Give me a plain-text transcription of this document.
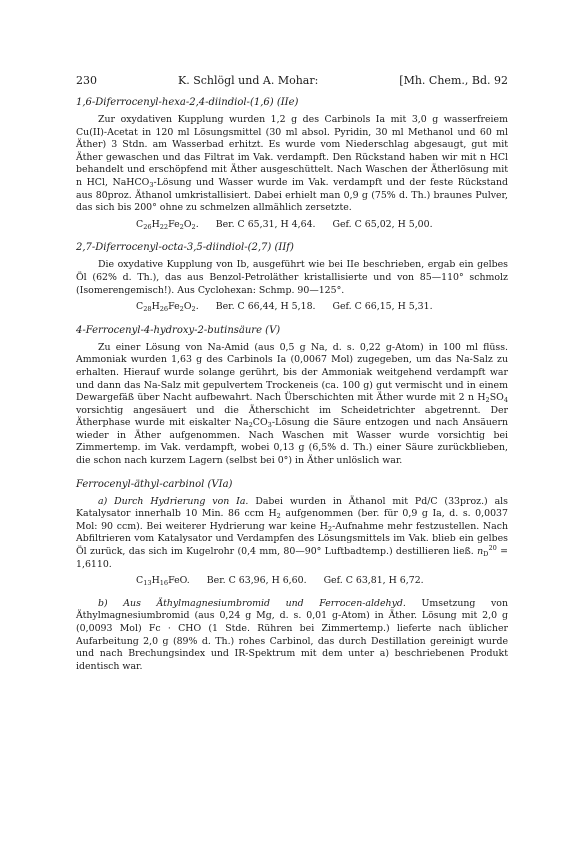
230	K. Schlögl und A. Mohar:	[Mh. Chem., Bd. 92
1,6-Diferrocenyl-hexa-2,4-diindiol-(1,6) (IIe)

Zur oxydativen Kupplung wurden 1,2 g des Carbinols Ia mit 3,0 g wasserfreiem Cu(II)-Acetat in 120 ml Lösungsmittel (30 ml absol. Pyridin, 30 ml Methanol und 60 ml Äther) 3 Stdn. am Wasserbad erhitzt. Es wurde vom Niederschlag abgesaugt, gut mit Äther gewaschen und das Filtrat im Vak. verdampft. Den Rückstand haben wir mit n HCl behandelt und erschöpfend mit Äther ausgeschüttelt. Nach Waschen der Ätherlösung mit n HCl, NaHCO$_3$-Lösung und Wasser wurde im Vak. verdampft und der feste Rückstand aus 80proz. Äthanol umkristallisiert. Dabei erhielt man 0,9 g (75% d. Th.) braunes Pulver, das sich bis 200° ohne zu schmelzen allmählich zersetzte.

$C_{26}H_{22}Fe_2O_2$. Ber. C 65,31, H 4,64. Gef. C 65,02, H 5,00.
2,7-Diferrocenyl-octa-3,5-diindiol-(2,7) (IIf)

Die oxydative Kupplung von Ib, ausgeführt wie bei IIe beschrieben, ergab ein gelbes Öl (62% d. Th.), das aus Benzol-Petroläther kristallisierte und von 85—110° schmolz (Isomerengemisch!). Aus Cyclohexan: Schmp. 90—125°.

$C_{28}H_{26}Fe_2O_2$. Ber. C 66,44, H 5,18. Gef. C 66,15, H 5,31.
4-Ferrocenyl-4-hydroxy-2-butinsäure (V)

Zu einer Lösung von Na-Amid (aus 0,5 g Na, d. s. 0,22 g-Atom) in 100 ml flüss. Ammoniak wurden 1,63 g des Carbinols Ia (0,0067 Mol) zugegeben, um das Na-Salz zu erhalten. Hierauf wurde solange gerührt, bis der Ammoniak weitgehend verdampft war und dann das Na-Salz mit gepulvertem Trockeneis (ca. 100 g) gut vermischt und in einem Dewargefäß über Nacht aufbewahrt. Nach Überschichten mit Äther wurde mit 2 n $H_2SO_4$ vorsichtig angesäuert und die Ätherschicht im Scheidetrichter abgetrennt. Der Ätherphase wurde mit eiskalter $Na_2CO_3$-Lösung die Säure entzogen und nach Ansäuern wieder in Äther aufgenommen. Nach Waschen mit Wasser wurde vorsichtig bei Zimmertemp. im Vak. verdampft, wobei 0,13 g (6,5% d. Th.) einer Säure zurückblieben, die schon nach kurzem Lagern (selbst bei 0°) in Äther unlöslich war.

Ferrocenyl-äthyl-carbinol (VIa)

a) Durch Hydrierung von Ia. Dabei wurden in Äthanol mit Pd/C (33proz.) als Katalysator innerhalb 10 Min. 86 ccm $H_2$ aufgenommen (ber. für 0,9 g Ia, d. s. 0,0037 Mol: 90 ccm). Bei weiterer Hydrierung war keine $H_2$-Aufnahme mehr festzustellen. Nach Abfiltrieren vom Katalysator und Verdampfen des Lösungsmittels im Vak. blieb ein gelbes Öl zurück, das sich im Kugelrohr (0,4 mm, 80—90° Luftbadtemp.) destillieren ließ. $n_D^{20} = 1,6110$.

$C_{13}H_{16}FeO$. Ber. C 63,96, H 6,60. Gef. C 63,81, H 6,72.

b) Aus Äthylmagnesiumbromid und Ferrocen-aldehyd. Umsetzung von Äthylmagnesiumbromid (aus 0,24 g Mg, d. s. 0,01 g-Atom) in Äther. Lösung mit 2,0 g (0,0093 Mol) Fc · CHO (1 Stde. Rühren bei Zimmertemp.) lieferte nach üblicher Aufarbeitung 2,0 g (89% d. Th.) rohes Carbinol, das durch Destillation gereinigt wurde und nach Brechungsindex und IR-Spektrum mit dem unter a) beschriebenen Produkt identisch war.
